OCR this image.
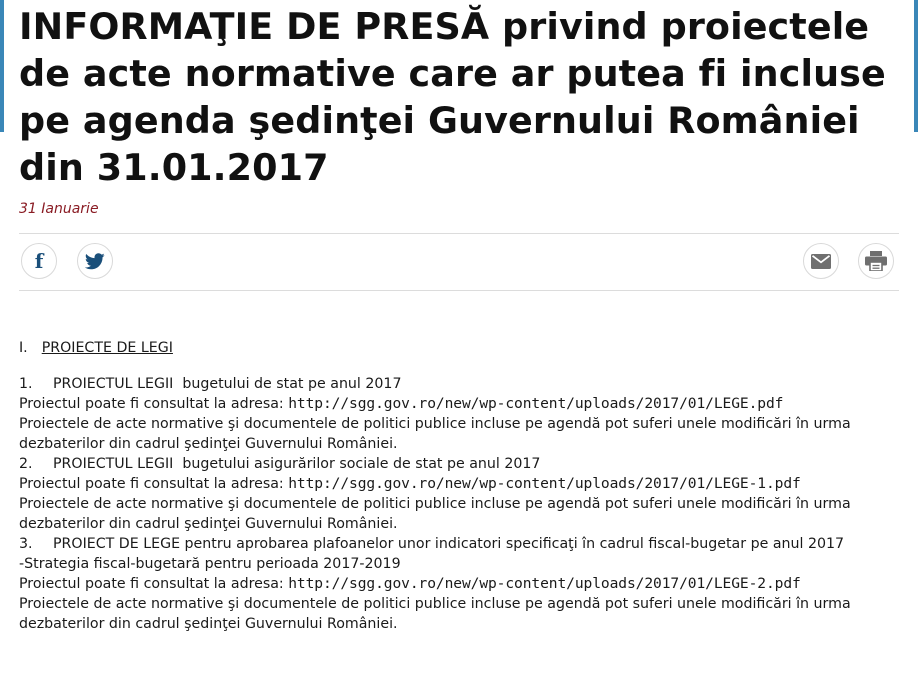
INFORMAŢIE DE PRESĂ privind proiectele de acte normative care ar putea fi incluse pe agenda şedinţei Guvernului României din 31.01.2017
31 Ianuarie
f
I. PROIECTE DE LEGI
1. PROIECTUL LEGII  bugetului de stat pe anul 2017
Proiectul poate fi consultat la adresa: http://sgg.gov.ro/new/wp-content/uploads/2017/01/LEGE.pdf
Proiectele de acte normative şi documentele de politici publice incluse pe agendă pot suferi unele modificări în urma dezbaterilor din cadrul şedinţei Guvernului României.
2. PROIECTUL LEGII  bugetului asigurărilor sociale de stat pe anul 2017
Proiectul poate fi consultat la adresa: http://sgg.gov.ro/new/wp-content/uploads/2017/01/LEGE-1.pdf
Proiectele de acte normative şi documentele de politici publice incluse pe agendă pot suferi unele modificări în urma dezbaterilor din cadrul şedinţei Guvernului României.
3. PROIECT DE LEGE pentru aprobarea plafoanelor unor indicatori specificaţi în cadrul fiscal-bugetar pe anul 2017
-Strategia fiscal-bugetară pentru perioada 2017-2019
Proiectul poate fi consultat la adresa: http://sgg.gov.ro/new/wp-content/uploads/2017/01/LEGE-2.pdf
Proiectele de acte normative şi documentele de politici publice incluse pe agendă pot suferi unele modificări în urma dezbaterilor din cadrul şedinţei Guvernului României.
